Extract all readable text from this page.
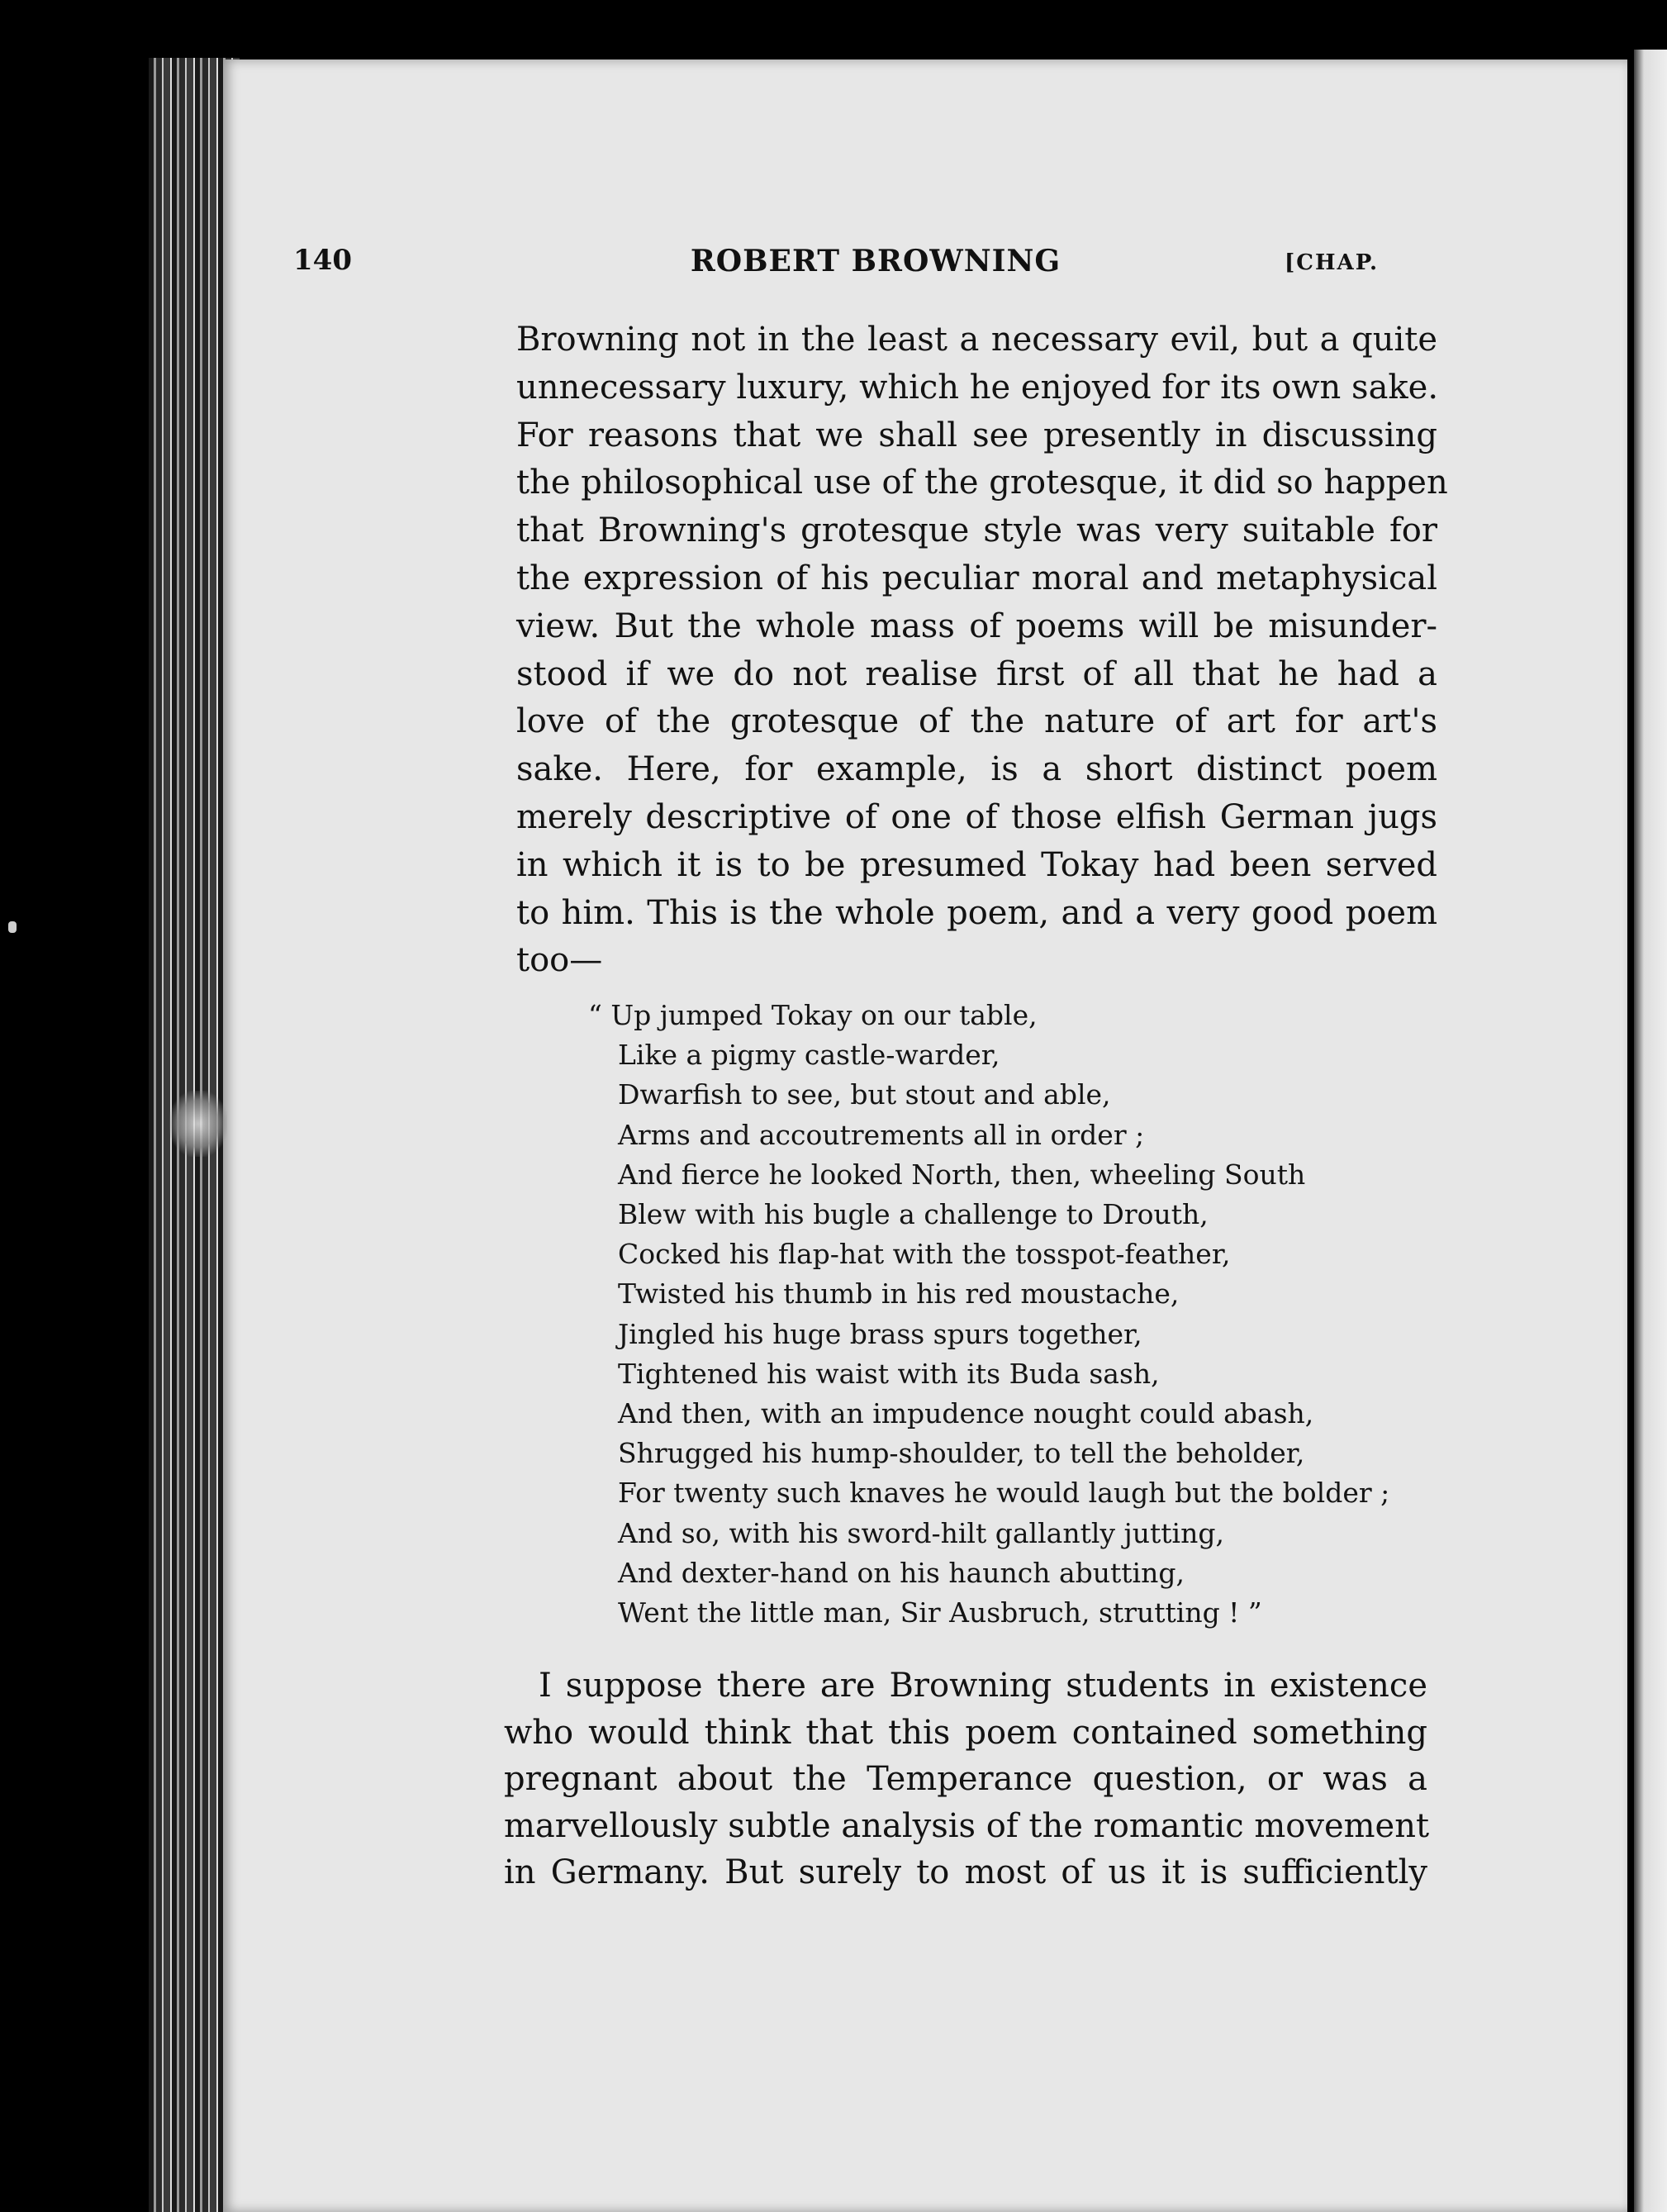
140	ROBERT BROWNING	[CHAP.
Browning not in the least a necessary evil, but a quite
unnecessary luxury, which he enjoyed for its own sake.
For reasons that we shall see presently in discussing
the philosophical use of the grotesque, it did so happen
that Browning's grotesque style was very suitable for
the expression of his peculiar moral and metaphysical
view. But the whole mass of poems will be misunder-
stood if we do not realise first of all that he had a
love of the grotesque of the nature of art for art's
sake. Here, for example, is a short distinct poem
merely descriptive of one of those elfish German jugs
in which it is to be presumed Tokay had been served
to him. This is the whole poem, and a very good poem
too—
“ Up jumped Tokay on our table,
Like a pigmy castle-warder,
Dwarfish to see, but stout and able,
Arms and accoutrements all in order ;
And fierce he looked North, then, wheeling South
Blew with his bugle a challenge to Drouth,
Cocked his flap-hat with the tosspot-feather,
Twisted his thumb in his red moustache,
Jingled his huge brass spurs together,
Tightened his waist with its Buda sash,
And then, with an impudence nought could abash,
Shrugged his hump-shoulder, to tell the beholder,
For twenty such knaves he would laugh but the bolder ;
And so, with his sword-hilt gallantly jutting,
And dexter-hand on his haunch abutting,
Went the little man, Sir Ausbruch, strutting ! ”
I suppose there are Browning students in existence
who would think that this poem contained something
pregnant about the Temperance question, or was a
marvellously subtle analysis of the romantic movement
in Germany. But surely to most of us it is sufficiently
